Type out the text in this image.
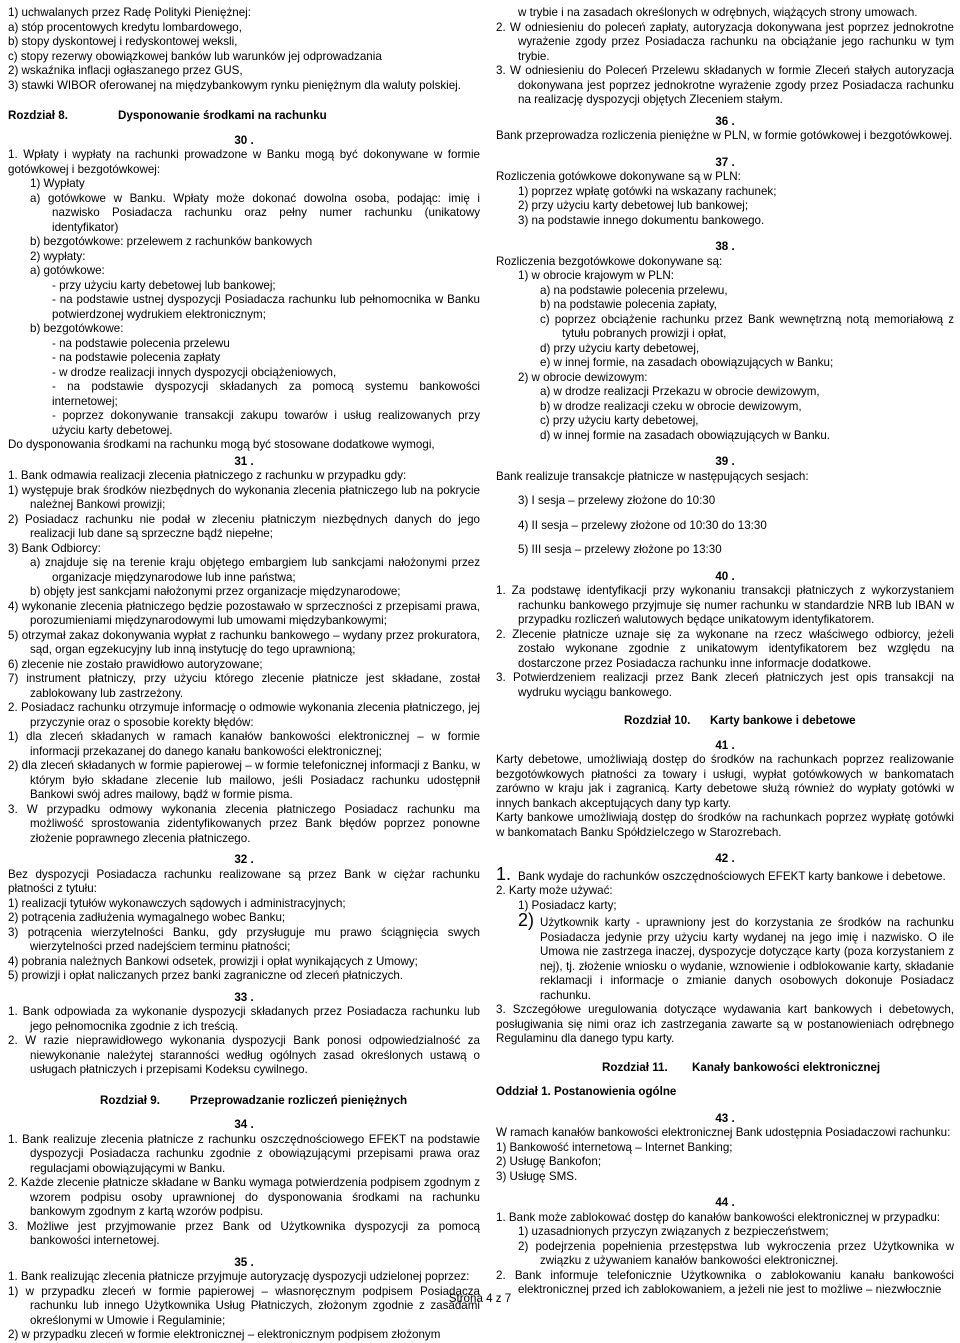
1) uchwalanych przez Radę Polityki Pieniężnej:

a) stóp procentowych kredytu lombardowego,

b) stopy dyskontowej i redyskontowej weksli,

c) stopy rezerwy obowiązkowej banków lub warunków jej odprowadzania

2) wskaźnika inflacji ogłaszanego przez GUS,

3) stawki WIBOR oferowanej na międzybankowym rynku pieniężnym dla waluty polskiej.

Rozdział 8.	Dysponowanie środkami na rachunku

30 .

1. Wpłaty i wypłaty na rachunki prowadzone w Banku mogą być dokonywane w formie gotówkowej i bezgotówkowej:

1) Wypłaty

a) gotówkowe w Banku. Wpłaty może dokonać dowolna osoba, podając: imię i nazwisko Posiadacza rachunku oraz pełny numer rachunku (unikatowy identyfikator)

b) bezgotówkowe: przelewem z rachunków bankowych

2) wypłaty:

a) gotówkowe:

- przy użyciu karty debetowej lub bankowej;

- na podstawie ustnej dyspozycji Posiadacza rachunku lub pełnomocnika w Banku potwierdzonej wydrukiem elektronicznym;

b) bezgotówkowe:

- na podstawie polecenia przelewu

- na podstawie polecenia zapłaty

- w drodze realizacji innych dyspozycji obciążeniowych,

- na podstawie dyspozycji składanych za pomocą systemu bankowości internetowej;

- poprzez dokonywanie transakcji zakupu towarów i usług realizowanych przy użyciu karty debetowej.

Do dysponowania środkami na rachunku mogą być stosowane dodatkowe wymogi,

31 .

1. Bank odmawia realizacji zlecenia płatniczego z rachunku w przypadku gdy:

1) występuje brak środków niezbędnych do wykonania zlecenia płatniczego lub na pokrycie należnej Bankowi prowizji;

2) Posiadacz rachunku nie podał w zleceniu płatniczym niezbędnych danych do jego realizacji lub dane są sprzeczne bądź niepełne;

3) Bank Odbiorcy:

a) znajduje się na terenie kraju objętego embargiem lub sankcjami nałożonymi przez organizacje międzynarodowe lub inne państwa;

b) objęty jest sankcjami nałożonymi przez organizacje międzynarodowe;

4) wykonanie zlecenia płatniczego będzie pozostawało w sprzeczności z przepisami prawa, porozumieniami międzynarodowymi lub umowami międzybankowymi;

5) otrzymał zakaz dokonywania wypłat z rachunku bankowego – wydany przez prokuratora, sąd, organ egzekucyjny lub inną instytucję do tego uprawnioną;

6) zlecenie nie zostało prawidłowo autoryzowane;

7) instrument płatniczy, przy użyciu którego zlecenie płatnicze jest składane, został zablokowany lub zastrzeżony.

2. Posiadacz rachunku otrzymuje informację o odmowie wykonania zlecenia płatniczego, jej przyczynie oraz o sposobie korekty błędów:

1) dla zleceń składanych w ramach kanałów bankowości elektronicznej – w formie informacji przekazanej do danego kanału bankowości elektronicznej;

2) dla zleceń składanych w formie papierowej – w formie telefonicznej informacji z Banku, w którym było składane zlecenie lub mailowo, jeśli Posiadacz rachunku udostępnił Bankowi swój adres mailowy, bądź w formie pisma.

3. W przypadku odmowy wykonania zlecenia płatniczego Posiadacz rachunku ma możliwość sprostowania zidentyfikowanych przez Bank błędów poprzez ponowne złożenie poprawnego zlecenia płatniczego.

32 .

Bez dyspozycji Posiadacza rachunku realizowane są przez Bank w ciężar rachunku płatności z tytułu:

1) realizacji tytułów wykonawczych sądowych i administracyjnych;

2) potrącenia zadłużenia wymagalnego wobec Banku;

3) potrącenia wierzytelności Banku, gdy przysługuje mu prawo ściągnięcia swych wierzytelności przed nadejściem terminu płatności;

4) pobrania należnych Bankowi odsetek, prowizji i opłat wynikających z Umowy;

5) prowizji i opłat naliczanych przez banki zagraniczne od zleceń płatniczych.

33 .

1. Bank odpowiada za wykonanie dyspozycji składanych przez Posiadacza rachunku lub jego pełnomocnika zgodnie z ich treścią.

2. W razie nieprawidłowego wykonania dyspozycji Bank ponosi odpowiedzialność za niewykonanie należytej staranności według ogólnych zasad określonych ustawą o usługach płatniczych i przepisami Kodeksu cywilnego.

Rozdział 9.	Przeprowadzanie rozliczeń pieniężnych

34 .

1. Bank realizuje zlecenia płatnicze z rachunku oszczędnościowego EFEKT na podstawie dyspozycji Posiadacza rachunku zgodnie z obowiązującymi przepisami prawa oraz regulacjami obowiązującymi w Banku.

2. Każde zlecenie płatnicze składane w Banku wymaga potwierdzenia podpisem zgodnym z wzorem podpisu osoby uprawnionej do dysponowania środkami na rachunku bankowym zgodnym z kartą wzorów podpisu.

3. Możliwe jest przyjmowanie przez Bank od Użytkownika dyspozycji za pomocą bankowości internetowej.

35 .

1. Bank realizując zlecenia płatnicze przyjmuje autoryzację dyspozycji udzielonej poprzez:

1) w przypadku zleceń w formie papierowej – własnoręcznym podpisem Posiadacza rachunku lub innego Użytkownika Usług Płatniczych, złożonym zgodnie z zasadami określonymi w Umowie i Regulaminie;

2) w przypadku zleceń w formie elektronicznej – elektronicznym podpisem złożonym

w trybie i na zasadach określonych w odrębnych, wiążących strony umowach.

2. W odniesieniu do poleceń zapłaty, autoryzacja dokonywana jest poprzez jednokrotne wyrażenie zgody przez Posiadacza rachunku na obciążanie jego rachunku w tym trybie.

3. W odniesieniu do Poleceń Przelewu składanych w formie Zleceń stałych autoryzacja dokonywana jest poprzez jednokrotne wyrażenie zgody przez Posiadacza rachunku na realizację dyspozycji objętych Zleceniem stałym.

36 .

Bank przeprowadza rozliczenia pieniężne w PLN, w formie gotówkowej i bezgotówkowej.

37 .

Rozliczenia gotówkowe dokonywane są w PLN:

1) poprzez wpłatę gotówki na wskazany rachunek;

2) przy użyciu karty debetowej lub bankowej;

3) na podstawie innego dokumentu bankowego.

38 .

Rozliczenia bezgotówkowe dokonywane są:

1) w obrocie krajowym w PLN:

a) na podstawie polecenia przelewu,

b) na podstawie polecenia zapłaty,

c) poprzez obciążenie rachunku przez Bank wewnętrzną notą memoriałową z tytułu pobranych prowizji i opłat,

d) przy użyciu karty debetowej,

e) w innej formie, na zasadach obowiązujących w Banku;

2) w obrocie dewizowym:

a) w drodze realizacji Przekazu w obrocie dewizowym,

b) w drodze realizacji czeku w obrocie dewizowym,

c) przy użyciu karty debetowej,

d) w innej formie na zasadach obowiązujących w Banku.

39 .

Bank realizuje transakcje płatnicze w następujących sesjach:

3) I sesja – przelewy złożone do 10:30

4) II sesja – przelewy złożone od 10:30 do 13:30

5) III sesja – przelewy złożone po 13:30

40 .

1. Za podstawę identyfikacji przy wykonaniu transakcji płatniczych z wykorzystaniem rachunku bankowego przyjmuje się numer rachunku w standardzie NRB lub IBAN w przypadku rozliczeń walutowych będące unikatowym identyfikatorem.

2. Zlecenie płatnicze uznaje się za wykonane na rzecz właściwego odbiorcy, jeżeli zostało wykonane zgodnie z unikatowym identyfikatorem bez względu na dostarczone przez Posiadacza rachunku inne informacje dodatkowe.

3. Potwierdzeniem realizacji przez Bank zleceń płatniczych jest opis transakcji na wydruku wyciągu bankowego.

Rozdział 10. Karty bankowe i debetowe

41 .

Karty debetowe, umożliwiają dostęp do środków na rachunkach poprzez realizowanie bezgotówkowych płatności za towary i usługi, wypłat gotówkowych w bankomatach zarówno w kraju jak i zagranicą. Karty debetowe służą również do wypłaty gotówki w innych bankach akceptujących dany typ karty.

Karty bankowe umożliwiają dostęp do środków na rachunkach poprzez wypłatę gotówki w bankomatach Banku Spółdzielczego w Starozrebach.

42 .

1. Bank wydaje do rachunków oszczędnościowych EFEKT karty bankowe i debetowe.

2. Karty może używać:

1) Posiadacz karty;

2) Użytkownik karty - uprawniony jest do korzystania ze środków na rachunku Posiadacza jedynie przy użyciu karty wydanej na jego imię i nazwisko. O ile Umowa nie zastrzega inaczej, dyspozycje dotyczące karty (poza korzystaniem z nej), tj. złożenie wniosku o wydanie, wznowienie i odblokowanie karty, składanie reklamacji i informacje o zmianie danych osobowych dokonuje Posiadacz rachunku.

3. Szczegółowe uregulowania dotyczące wydawania kart bankowych i debetowych, posługiwania się nimi oraz ich zastrzegania zawarte są w postanowieniach odrębnego Regulaminu dla danego typu karty.

Rozdział 11. Kanały bankowości elektronicznej

Oddział 1. Postanowienia ogólne

43 .

W ramach kanałów bankowości elektronicznej Bank udostępnia Posiadaczowi rachunku:

1) Bankowość internetową – Internet Banking;

2) Usługę Bankofon;

3) Usługę SMS.

44 .

1. Bank może zablokować dostęp do kanałów bankowości elektronicznej w przypadku:

1) uzasadnionych przyczyn związanych z bezpieczeństwem;

2) podejrzenia popełnienia przestępstwa lub wykroczenia przez Użytkownika w związku z używaniem kanałów bankowości elektronicznej.

2. Bank informuje telefonicznie Użytkownika o zablokowaniu kanału bankowości elektronicznej przed ich zablokowaniem, a jeżeli nie jest to możliwe – niezwłocznie

Strona 4 z 7
